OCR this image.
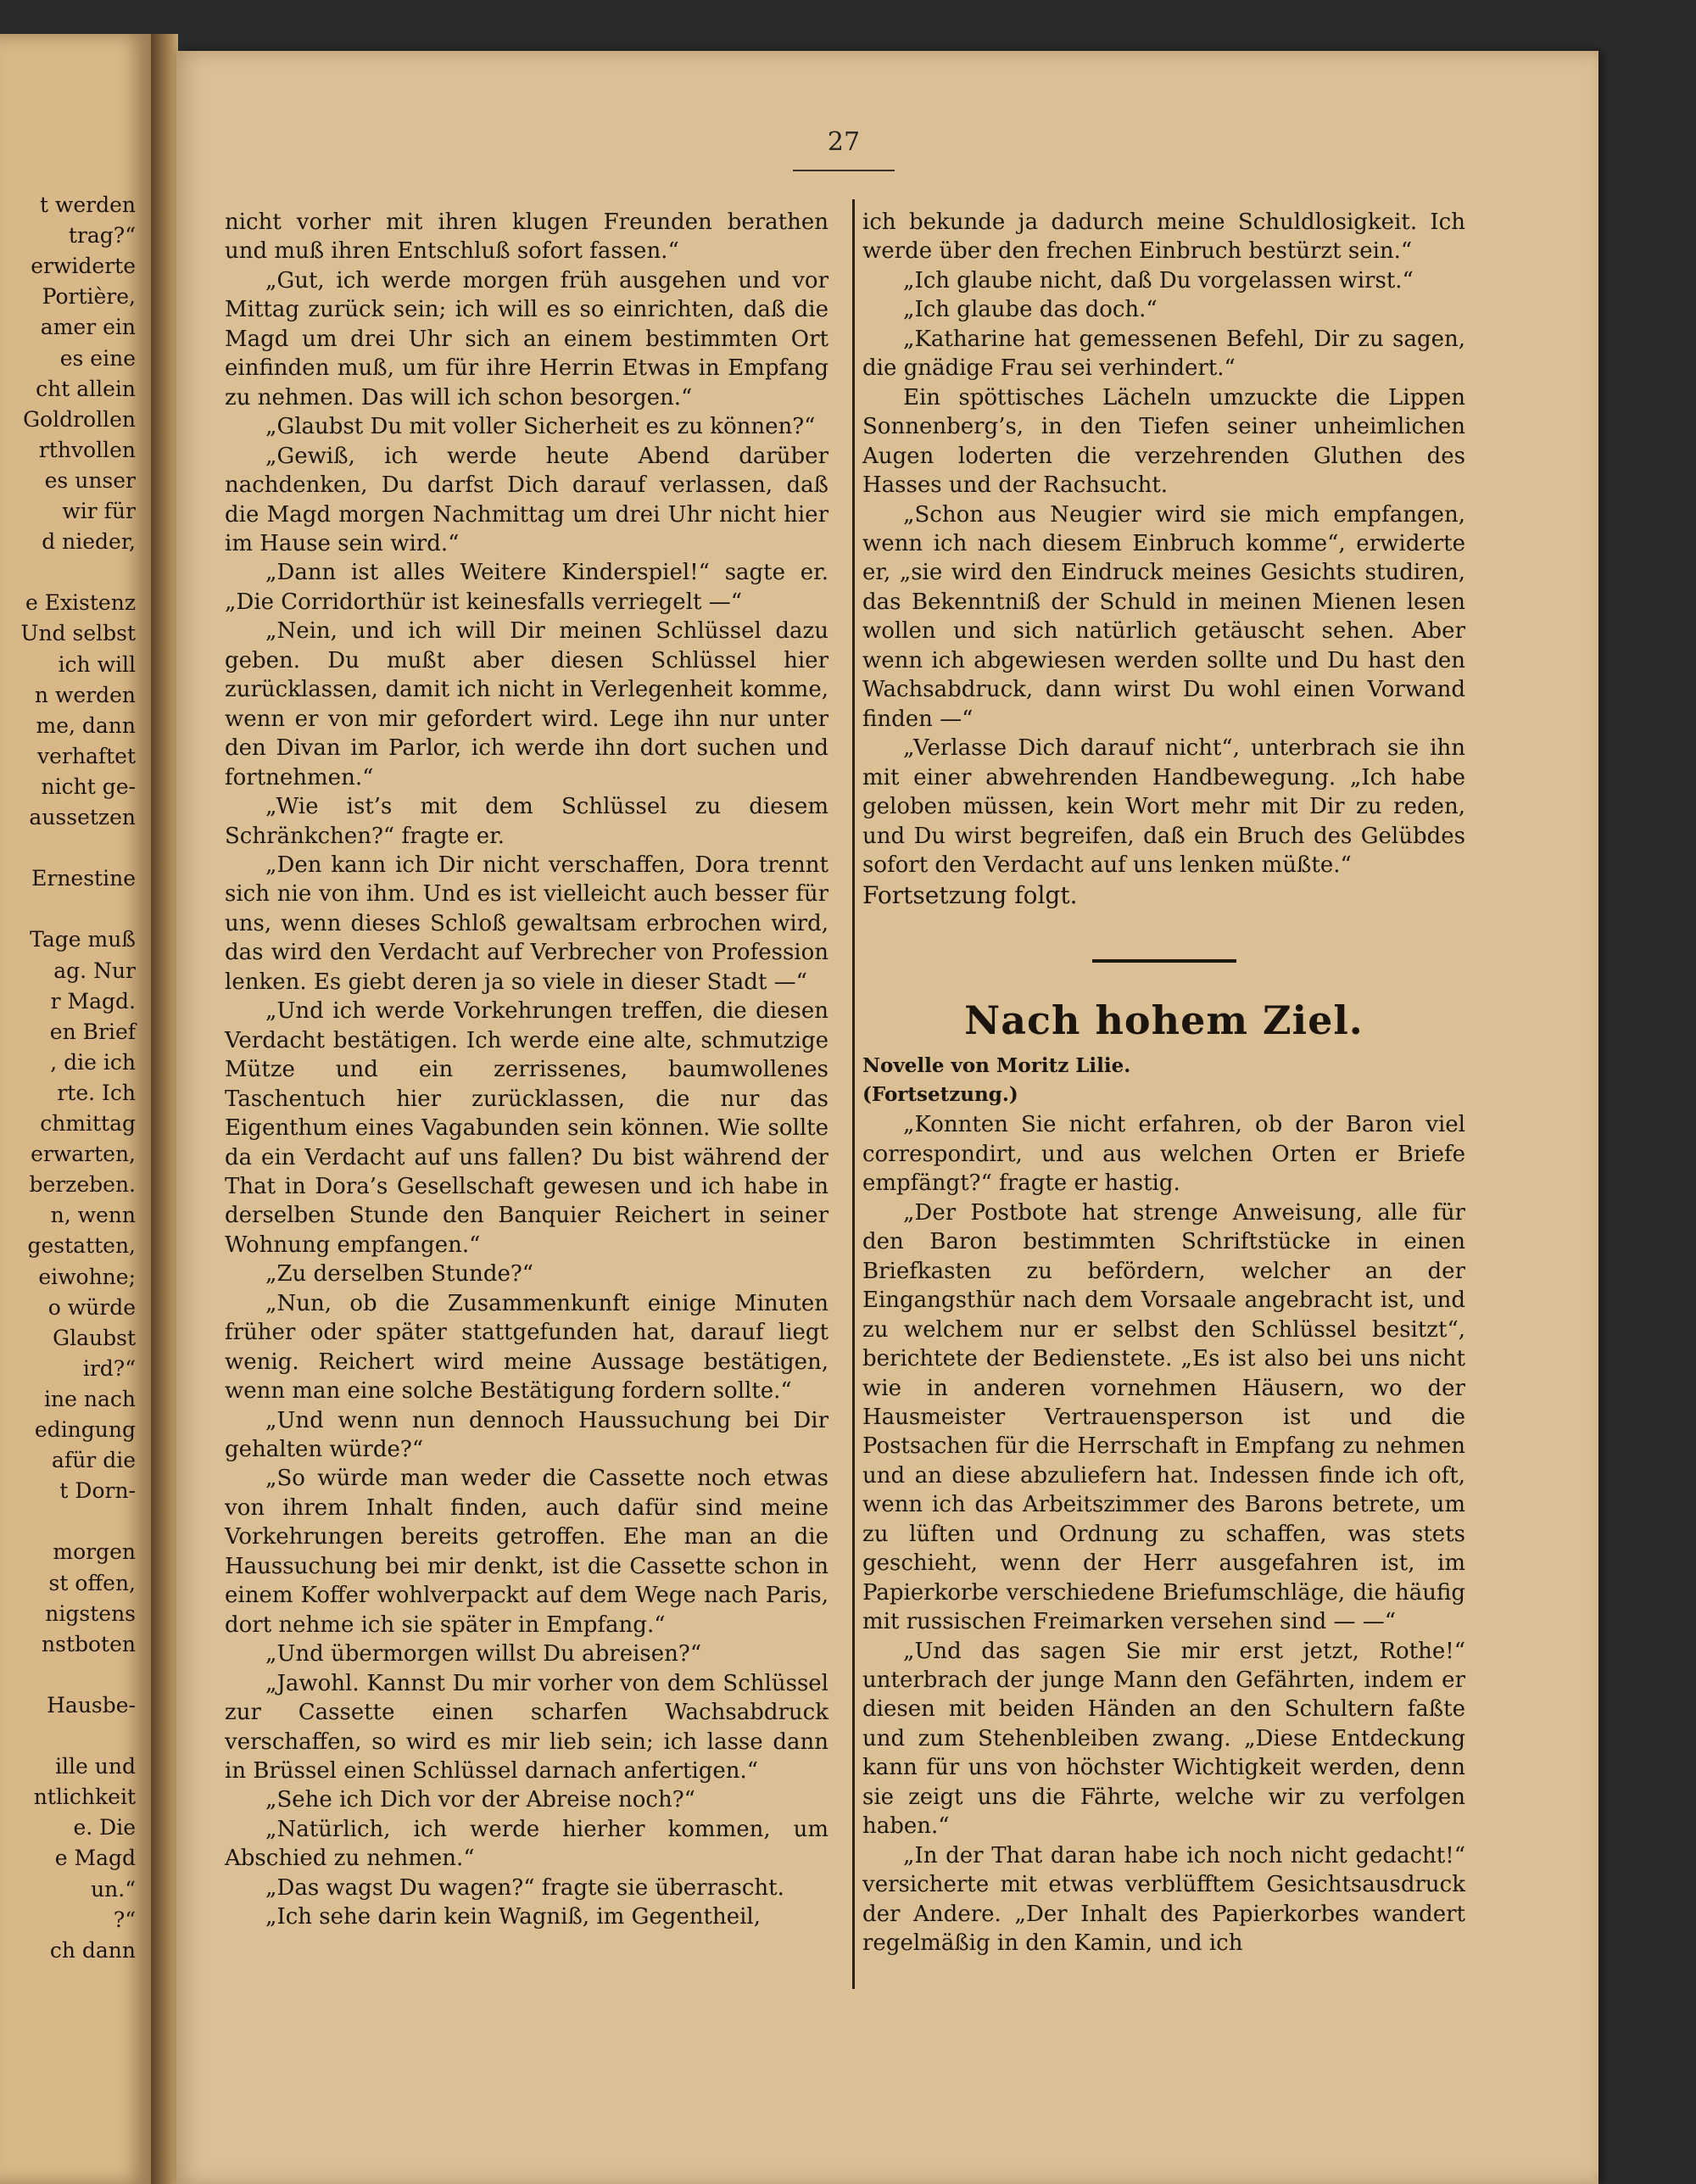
t werden
trag?“
erwiderte
Portière,
amer ein
es eine
cht allein
Goldrollen
rthvollen
es unser
wir für
d nieder,
e Existenz
Und selbst
ich will
n werden
me, dann
verhaftet
nicht ge-
aussetzen
Ernestine
Tage muß
ag. Nur
r Magd.
en Brief
, die ich
rte. Ich
chmittag
erwarten,
berzeben.
n, wenn
gestatten,
eiwohne;
o würde
Glaubst
ird?“
ine nach
edingung
afür die
t Dorn-
morgen
st offen,
nigstens
nstboten
Hausbe-
ille und
ntlichkeit
e. Die
e Magd
un.“
?“
ch dann
27

nicht vorher mit ihren klugen Freunden berathen und muß ihren Entschluß sofort fassen.“

„Gut, ich werde morgen früh ausgehen und vor Mittag zurück sein; ich will es so einrichten, daß die Magd um drei Uhr sich an einem bestimmten Ort einfinden muß, um für ihre Herrin Etwas in Empfang zu nehmen. Das will ich schon besorgen.“

„Glaubst Du mit voller Sicherheit es zu können?“

„Gewiß, ich werde heute Abend darüber nachdenken, Du darfst Dich darauf verlassen, daß die Magd morgen Nachmittag um drei Uhr nicht hier im Hause sein wird.“

„Dann ist alles Weitere Kinderspiel!“ sagte er. „Die Corridorthür ist keinesfalls verriegelt —“

„Nein, und ich will Dir meinen Schlüssel dazu geben. Du mußt aber diesen Schlüssel hier zurücklassen, damit ich nicht in Verlegenheit komme, wenn er von mir gefordert wird. Lege ihn nur unter den Divan im Parlor, ich werde ihn dort suchen und fortnehmen.“

„Wie ist’s mit dem Schlüssel zu diesem Schränkchen?“ fragte er.

„Den kann ich Dir nicht verschaffen, Dora trennt sich nie von ihm. Und es ist vielleicht auch besser für uns, wenn dieses Schloß gewaltsam erbrochen wird, das wird den Verdacht auf Verbrecher von Profession lenken. Es giebt deren ja so viele in dieser Stadt —“

„Und ich werde Vorkehrungen treffen, die diesen Verdacht bestätigen. Ich werde eine alte, schmutzige Mütze und ein zerrissenes, baumwollenes Taschentuch hier zurücklassen, die nur das Eigenthum eines Vagabunden sein können. Wie sollte da ein Verdacht auf uns fallen? Du bist während der That in Dora’s Gesellschaft gewesen und ich habe in derselben Stunde den Banquier Reichert in seiner Wohnung empfangen.“

„Zu derselben Stunde?“

„Nun, ob die Zusammenkunft einige Minuten früher oder später stattgefunden hat, darauf liegt wenig. Reichert wird meine Aussage bestätigen, wenn man eine solche Bestätigung fordern sollte.“

„Und wenn nun dennoch Haussuchung bei Dir gehalten würde?“

„So würde man weder die Cassette noch etwas von ihrem Inhalt finden, auch dafür sind meine Vorkehrungen bereits getroffen. Ehe man an die Haussuchung bei mir denkt, ist die Cassette schon in einem Koffer wohlverpackt auf dem Wege nach Paris, dort nehme ich sie später in Empfang.“

„Und übermorgen willst Du abreisen?“

„Jawohl. Kannst Du mir vorher von dem Schlüssel zur Cassette einen scharfen Wachsabdruck verschaffen, so wird es mir lieb sein; ich lasse dann in Brüssel einen Schlüssel darnach anfertigen.“

„Sehe ich Dich vor der Abreise noch?“

„Natürlich, ich werde hierher kommen, um Abschied zu nehmen.“

„Das wagst Du wagen?“ fragte sie überrascht.

„Ich sehe darin kein Wagniß, im Gegentheil,

ich bekunde ja dadurch meine Schuldlosigkeit. Ich werde über den frechen Einbruch bestürzt sein.“

„Ich glaube nicht, daß Du vorgelassen wirst.“

„Ich glaube das doch.“

„Katharine hat gemessenen Befehl, Dir zu sagen, die gnädige Frau sei verhindert.“

Ein spöttisches Lächeln umzuckte die Lippen Sonnenberg’s, in den Tiefen seiner unheimlichen Augen loderten die verzehrenden Gluthen des Hasses und der Rachsucht.

„Schon aus Neugier wird sie mich empfangen, wenn ich nach diesem Einbruch komme“, erwiderte er, „sie wird den Eindruck meines Gesichts studiren, das Bekenntniß der Schuld in meinen Mienen lesen wollen und sich natürlich getäuscht sehen. Aber wenn ich abgewiesen werden sollte und Du hast den Wachsabdruck, dann wirst Du wohl einen Vorwand finden —“

„Verlasse Dich darauf nicht“, unterbrach sie ihn mit einer abwehrenden Handbewegung. „Ich habe geloben müssen, kein Wort mehr mit Dir zu reden, und Du wirst begreifen, daß ein Bruch des Gelübdes sofort den Verdacht auf uns lenken müßte.“

Fortsetzung folgt.

Nach hohem Ziel.

Novelle von Moritz Lilie.

(Fortsetzung.)

„Konnten Sie nicht erfahren, ob der Baron viel correspondirt, und aus welchen Orten er Briefe empfängt?“ fragte er hastig.

„Der Postbote hat strenge Anweisung, alle für den Baron bestimmten Schriftstücke in einen Briefkasten zu befördern, welcher an der Eingangsthür nach dem Vorsaale angebracht ist, und zu welchem nur er selbst den Schlüssel besitzt“, berichtete der Bedienstete. „Es ist also bei uns nicht wie in anderen vornehmen Häusern, wo der Hausmeister Vertrauensperson ist und die Postsachen für die Herrschaft in Empfang zu nehmen und an diese abzuliefern hat. Indessen finde ich oft, wenn ich das Arbeitszimmer des Barons betrete, um zu lüften und Ordnung zu schaffen, was stets geschieht, wenn der Herr ausgefahren ist, im Papierkorbe verschiedene Briefumschläge, die häufig mit russischen Freimarken versehen sind — —“

„Und das sagen Sie mir erst jetzt, Rothe!“ unterbrach der junge Mann den Gefährten, indem er diesen mit beiden Händen an den Schultern faßte und zum Stehenbleiben zwang. „Diese Entdeckung kann für uns von höchster Wichtigkeit werden, denn sie zeigt uns die Fährte, welche wir zu verfolgen haben.“

„In der That daran habe ich noch nicht gedacht!“ versicherte mit etwas verblüfftem Gesichtsausdruck der Andere. „Der Inhalt des Papierkorbes wandert regelmäßig in den Kamin, und ich
